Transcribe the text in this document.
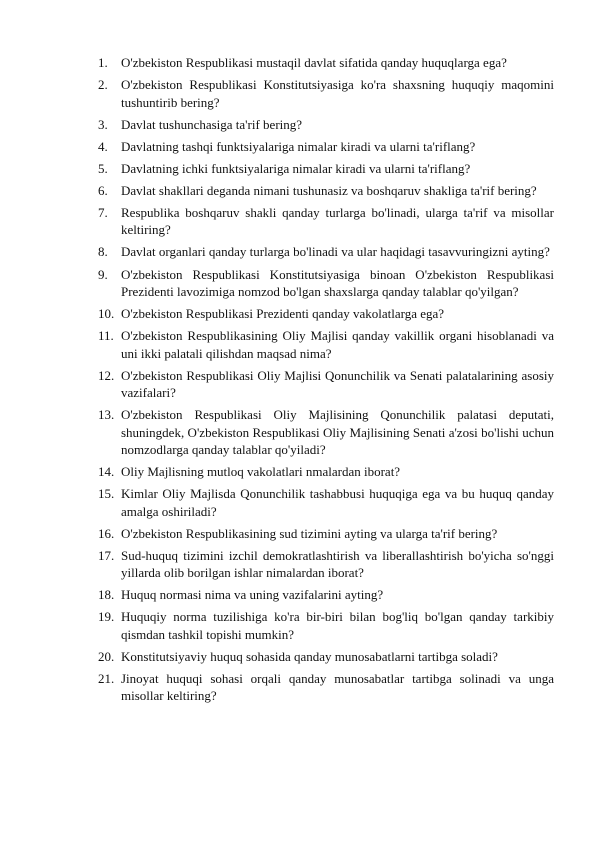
1.	O'zbekiston Respublikasi mustaqil davlat sifatida qanday huquqlarga ega?
2.	O'zbekiston Respublikasi Konstitutsiyasiga ko'ra shaxsning huquqiy maqomini tushuntirib bering?
3.	Davlat tushunchasiga ta'rif bering?
4.	Davlatning tashqi funktsiyalariga nimalar kiradi va ularni ta'riflang?
5.	Davlatning ichki funktsiyalariga nimalar kiradi va ularni ta'riflang?
6.	Davlat shakllari deganda nimani tushunasiz va boshqaruv shakliga ta'rif bering?
7.	Respublika boshqaruv shakli qanday turlarga bo'linadi, ularga ta'rif va misollar keltiring?
8.	Davlat organlari qanday turlarga bo'linadi va ular haqidagi tasavvuringizni ayting?
9.	O'zbekiston Respublikasi Konstitutsiyasiga binoan O'zbekiston Respublikasi Prezidenti lavozimiga nomzod bo'lgan shaxslarga qanday talablar qo'yilgan?
10. O'zbekiston Respublikasi Prezidenti qanday vakolatlarga ega?
11. O'zbekiston Respublikasining Oliy Majlisi qanday vakillik organi hisoblanadi va uni ikki palatali qilishdan maqsad nima?
12. O'zbekiston Respublikasi Oliy Majlisi Qonunchilik va Senati palatalarining asosiy vazifalari?
13. O'zbekiston Respublikasi Oliy Majlisining Qonunchilik palatasi deputati, shuningdek, O'zbekiston Respublikasi Oliy Majlisining Senati a'zosi bo'lishi uchun nomzodlarga qanday talablar qo'yiladi?
14. Oliy Majlisning mutloq vakolatlari nmalardan iborat?
15. Kimlar Oliy Majlisda Qonunchilik tashabbusi huquqiga ega va bu huquq qanday amalga oshiriladi?
16. O'zbekiston Respublikasining sud tizimini ayting va ularga ta'rif bering?
17. Sud-huquq tizimini izchil demokratlashtirish va liberallashtirish bo'yicha so'nggi yillarda olib borilgan ishlar nimalardan iborat?
18. Huquq normasi nima va uning vazifalarini ayting?
19. Huquqiy norma tuzilishiga ko'ra bir-biri bilan bog'liq bo'lgan qanday tarkibiy qismdan tashkil topishi mumkin?
20. Konstitutsiyaviy huquq sohasida qanday munosabatlarni tartibga soladi?
21. Jinoyat huquqi sohasi orqali qanday munosabatlar tartibga solinadi va unga misollar keltiring?
